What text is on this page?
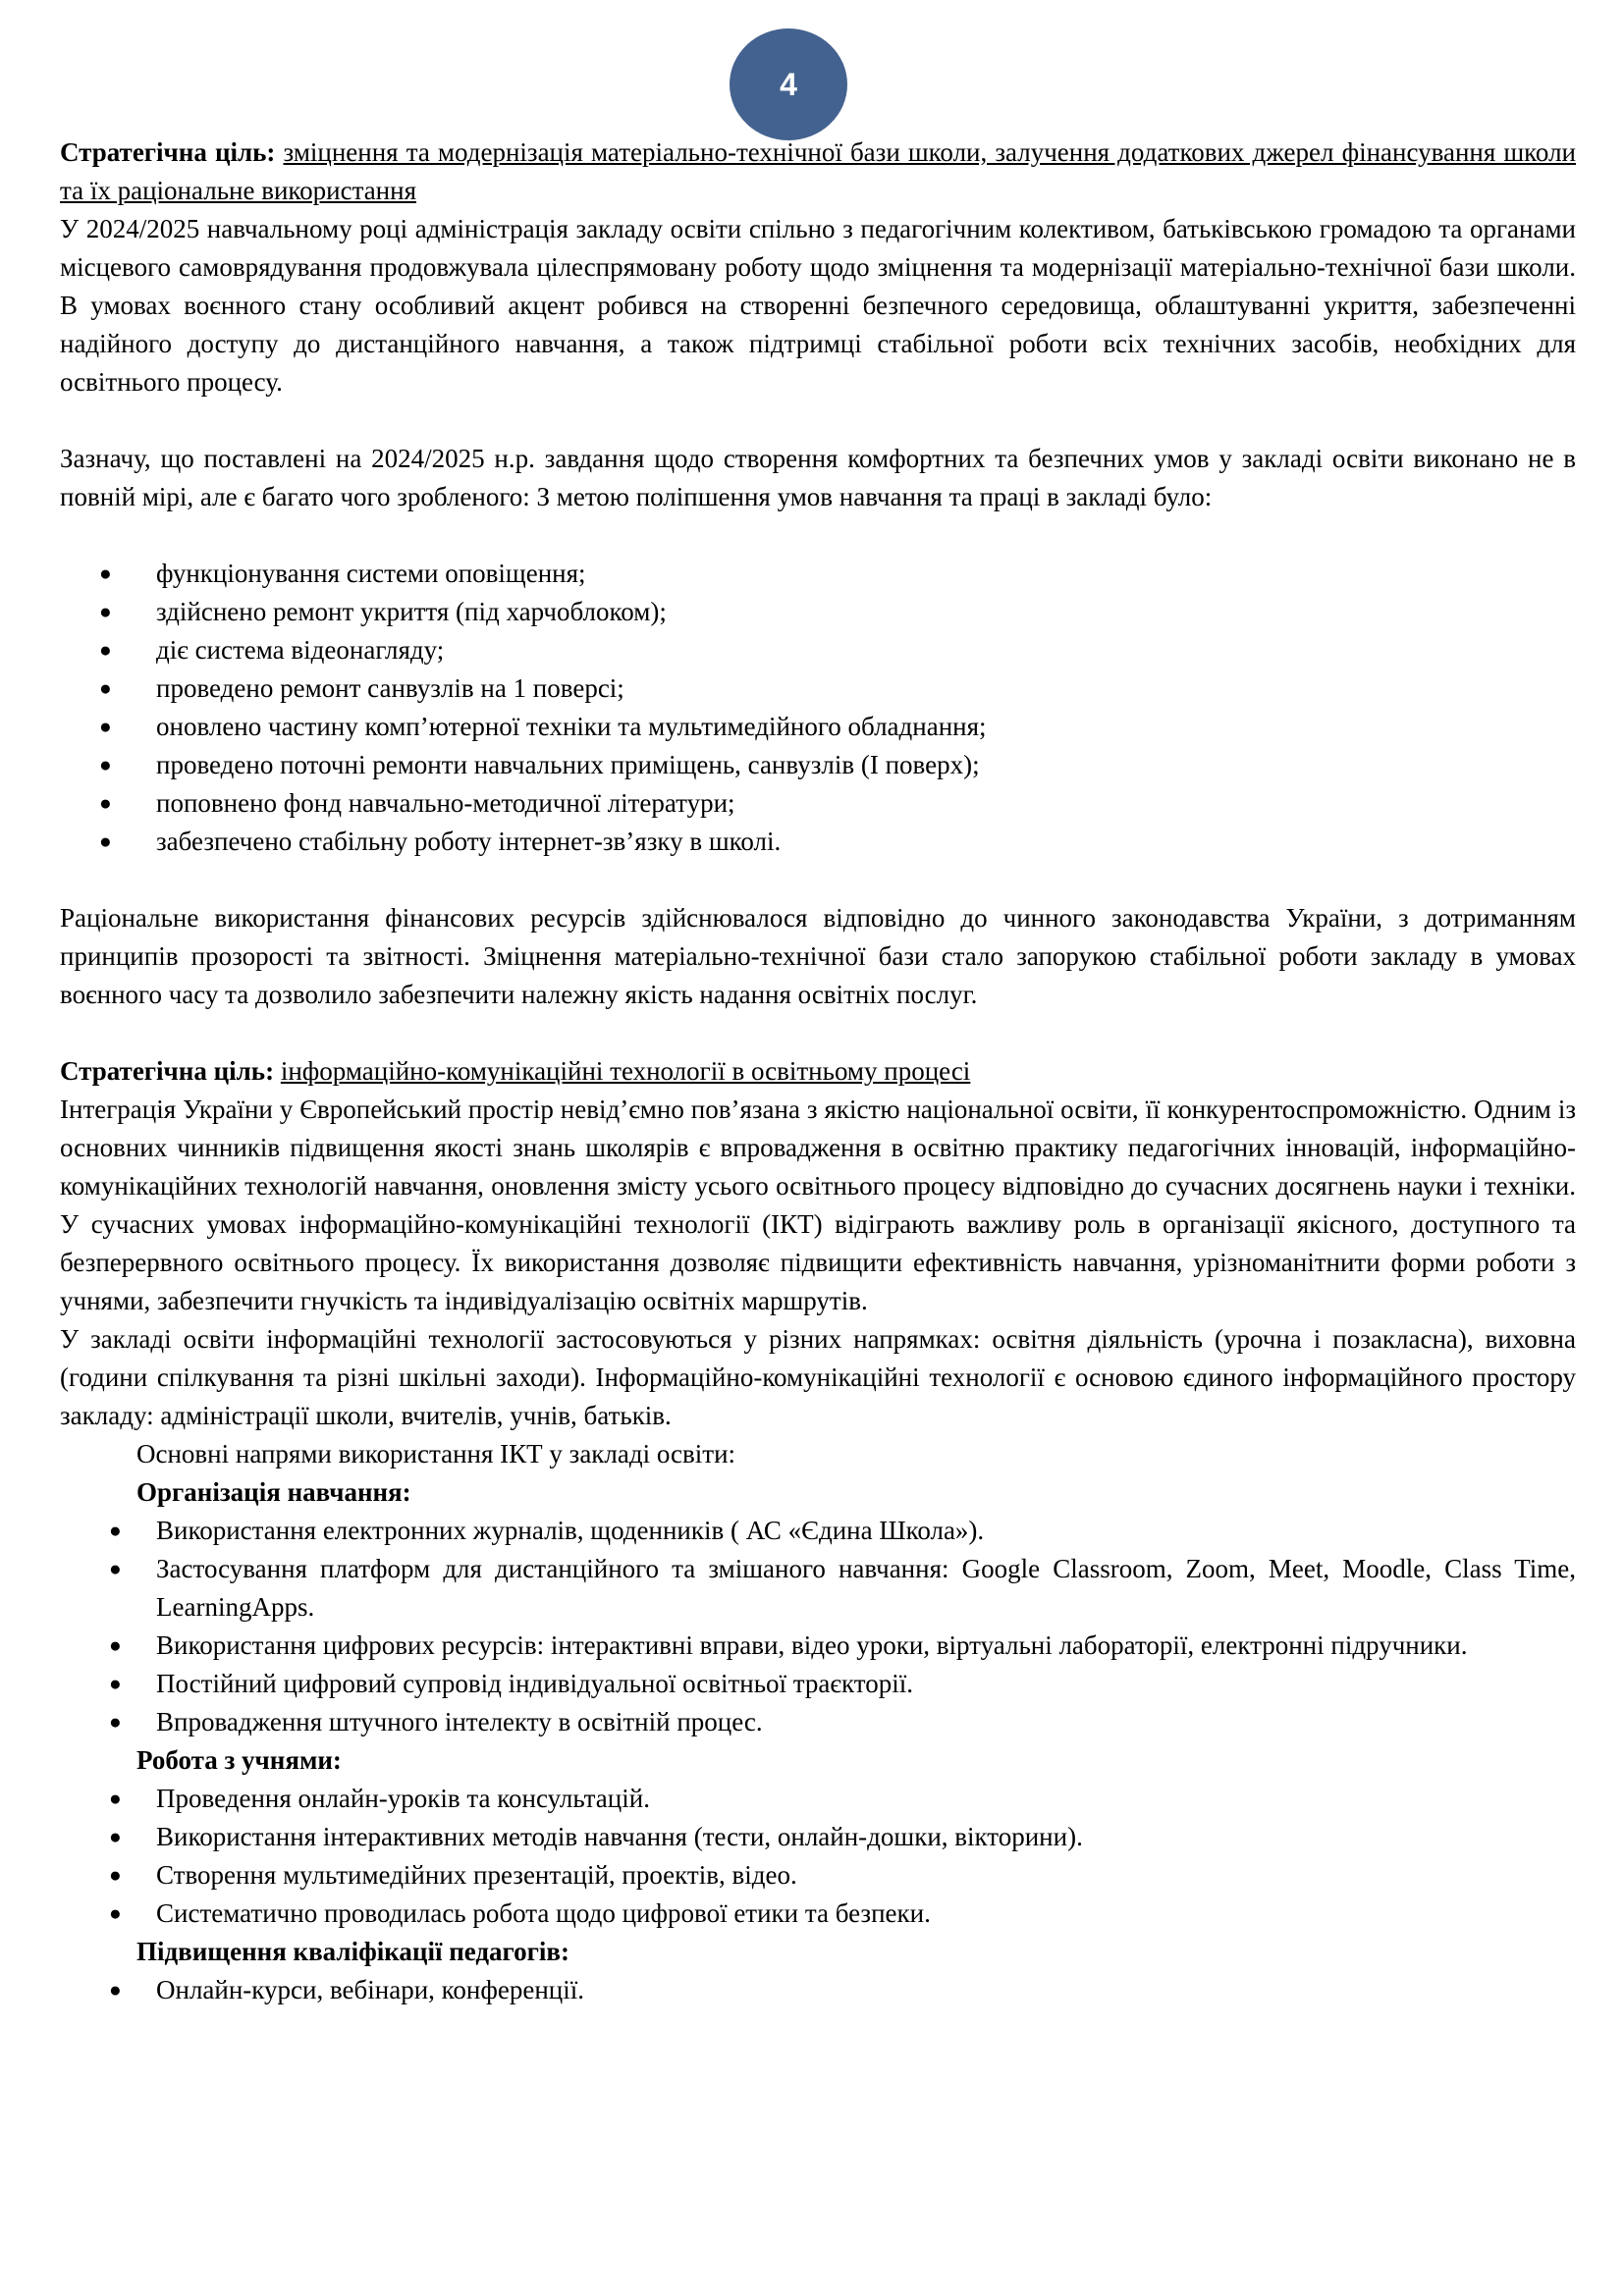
4

Стратегічна ціль: зміцнення та модернізація матеріально-технічної бази школи, залучення додаткових джерел фінансування школи та їх раціональне використання

У 2024/2025 навчальному році адміністрація закладу освіти спільно з педагогічним колективом, батьківською громадою та органами місцевого самоврядування продовжувала цілеспрямовану роботу щодо зміцнення та модернізації матеріально-технічної бази школи. В умовах воєнного стану особливий акцент робився на створенні безпечного середовища, облаштуванні укриття, забезпеченні надійного доступу до дистанційного навчання, а також підтримці стабільної роботи всіх технічних засобів, необхідних для освітнього процесу.

Зазначу, що поставлені на 2024/2025 н.р. завдання щодо створення комфортних та безпечних умов у закладі освіти виконано не в повній мірі, але є багато чого зробленого: З метою поліпшення умов навчання та праці в закладі було:

● функціонування системи оповіщення;
● здійснено ремонт укриття (під харчоблоком);
● діє система відеонагляду;
● проведено ремонт санвузлів на 1 поверсі;
● оновлено частину комп’ютерної техніки та мультимедійного обладнання;
● проведено поточні ремонти навчальних приміщень, санвузлів (І поверх);
● поповнено фонд навчально-методичної літератури;
● забезпечено стабільну роботу інтернет-зв’язку в школі.

Раціональне використання фінансових ресурсів здійснювалося відповідно до чинного законодавства України, з дотриманням принципів прозорості та звітності. Зміцнення матеріально-технічної бази стало запорукою стабільної роботи закладу в умовах воєнного часу та дозволило забезпечити належну якість надання освітніх послуг.

Стратегічна ціль: інформаційно-комунікаційні технології в освітньому процесі

Інтеграція України у Європейський простір невід’ємно пов’язана з якістю національної освіти, її конкурентоспроможністю. Одним із основних чинників підвищення якості знань школярів є впровадження в освітню практику педагогічних інновацій, інформаційно-комунікаційних технологій навчання, оновлення змісту усього освітнього процесу відповідно до сучасних досягнень науки і техніки. У сучасних умовах інформаційно-комунікаційні технології (ІКТ) відіграють важливу роль в організації якісного, доступного та безперервного освітнього процесу. Їх використання дозволяє підвищити ефективність навчання, урізноманітнити форми роботи з учнями, забезпечити гнучкість та індивідуалізацію освітніх маршрутів.

У закладі освіти інформаційні технології застосовуються у різних напрямках: освітня діяльність (урочна і позакласна), виховна (години спілкування та різні шкільні заходи). Інформаційно-комунікаційні технології є основою єдиного інформаційного простору закладу: адміністрації школи, вчителів, учнів, батьків.

Основні напрями використання ІКТ у закладі освіти:

Організація навчання:

● Використання електронних журналів, щоденників ( АС «Єдина Школа»).
● Застосування платформ для дистанційного та змішаного навчання: Google Classroom, Zoom, Meet, Moodle, Class Time, LearningApps.
● Використання цифрових ресурсів: інтерактивні вправи, відео уроки, віртуальні лабораторії, електронні підручники.
● Постійний цифровий супровід індивідуальної освітньої траєкторії.
● Впровадження штучного інтелекту в освітній процес.

Робота з учнями:

● Проведення онлайн-уроків та консультацій.
● Використання інтерактивних методів навчання (тести, онлайн-дошки, вікторини).
● Створення мультимедійних презентацій, проектів, відео.
● Систематично проводилась робота щодо цифрової етики та безпеки.

Підвищення кваліфікації педагогів:

● Онлайн-курси, вебінари, конференції.
